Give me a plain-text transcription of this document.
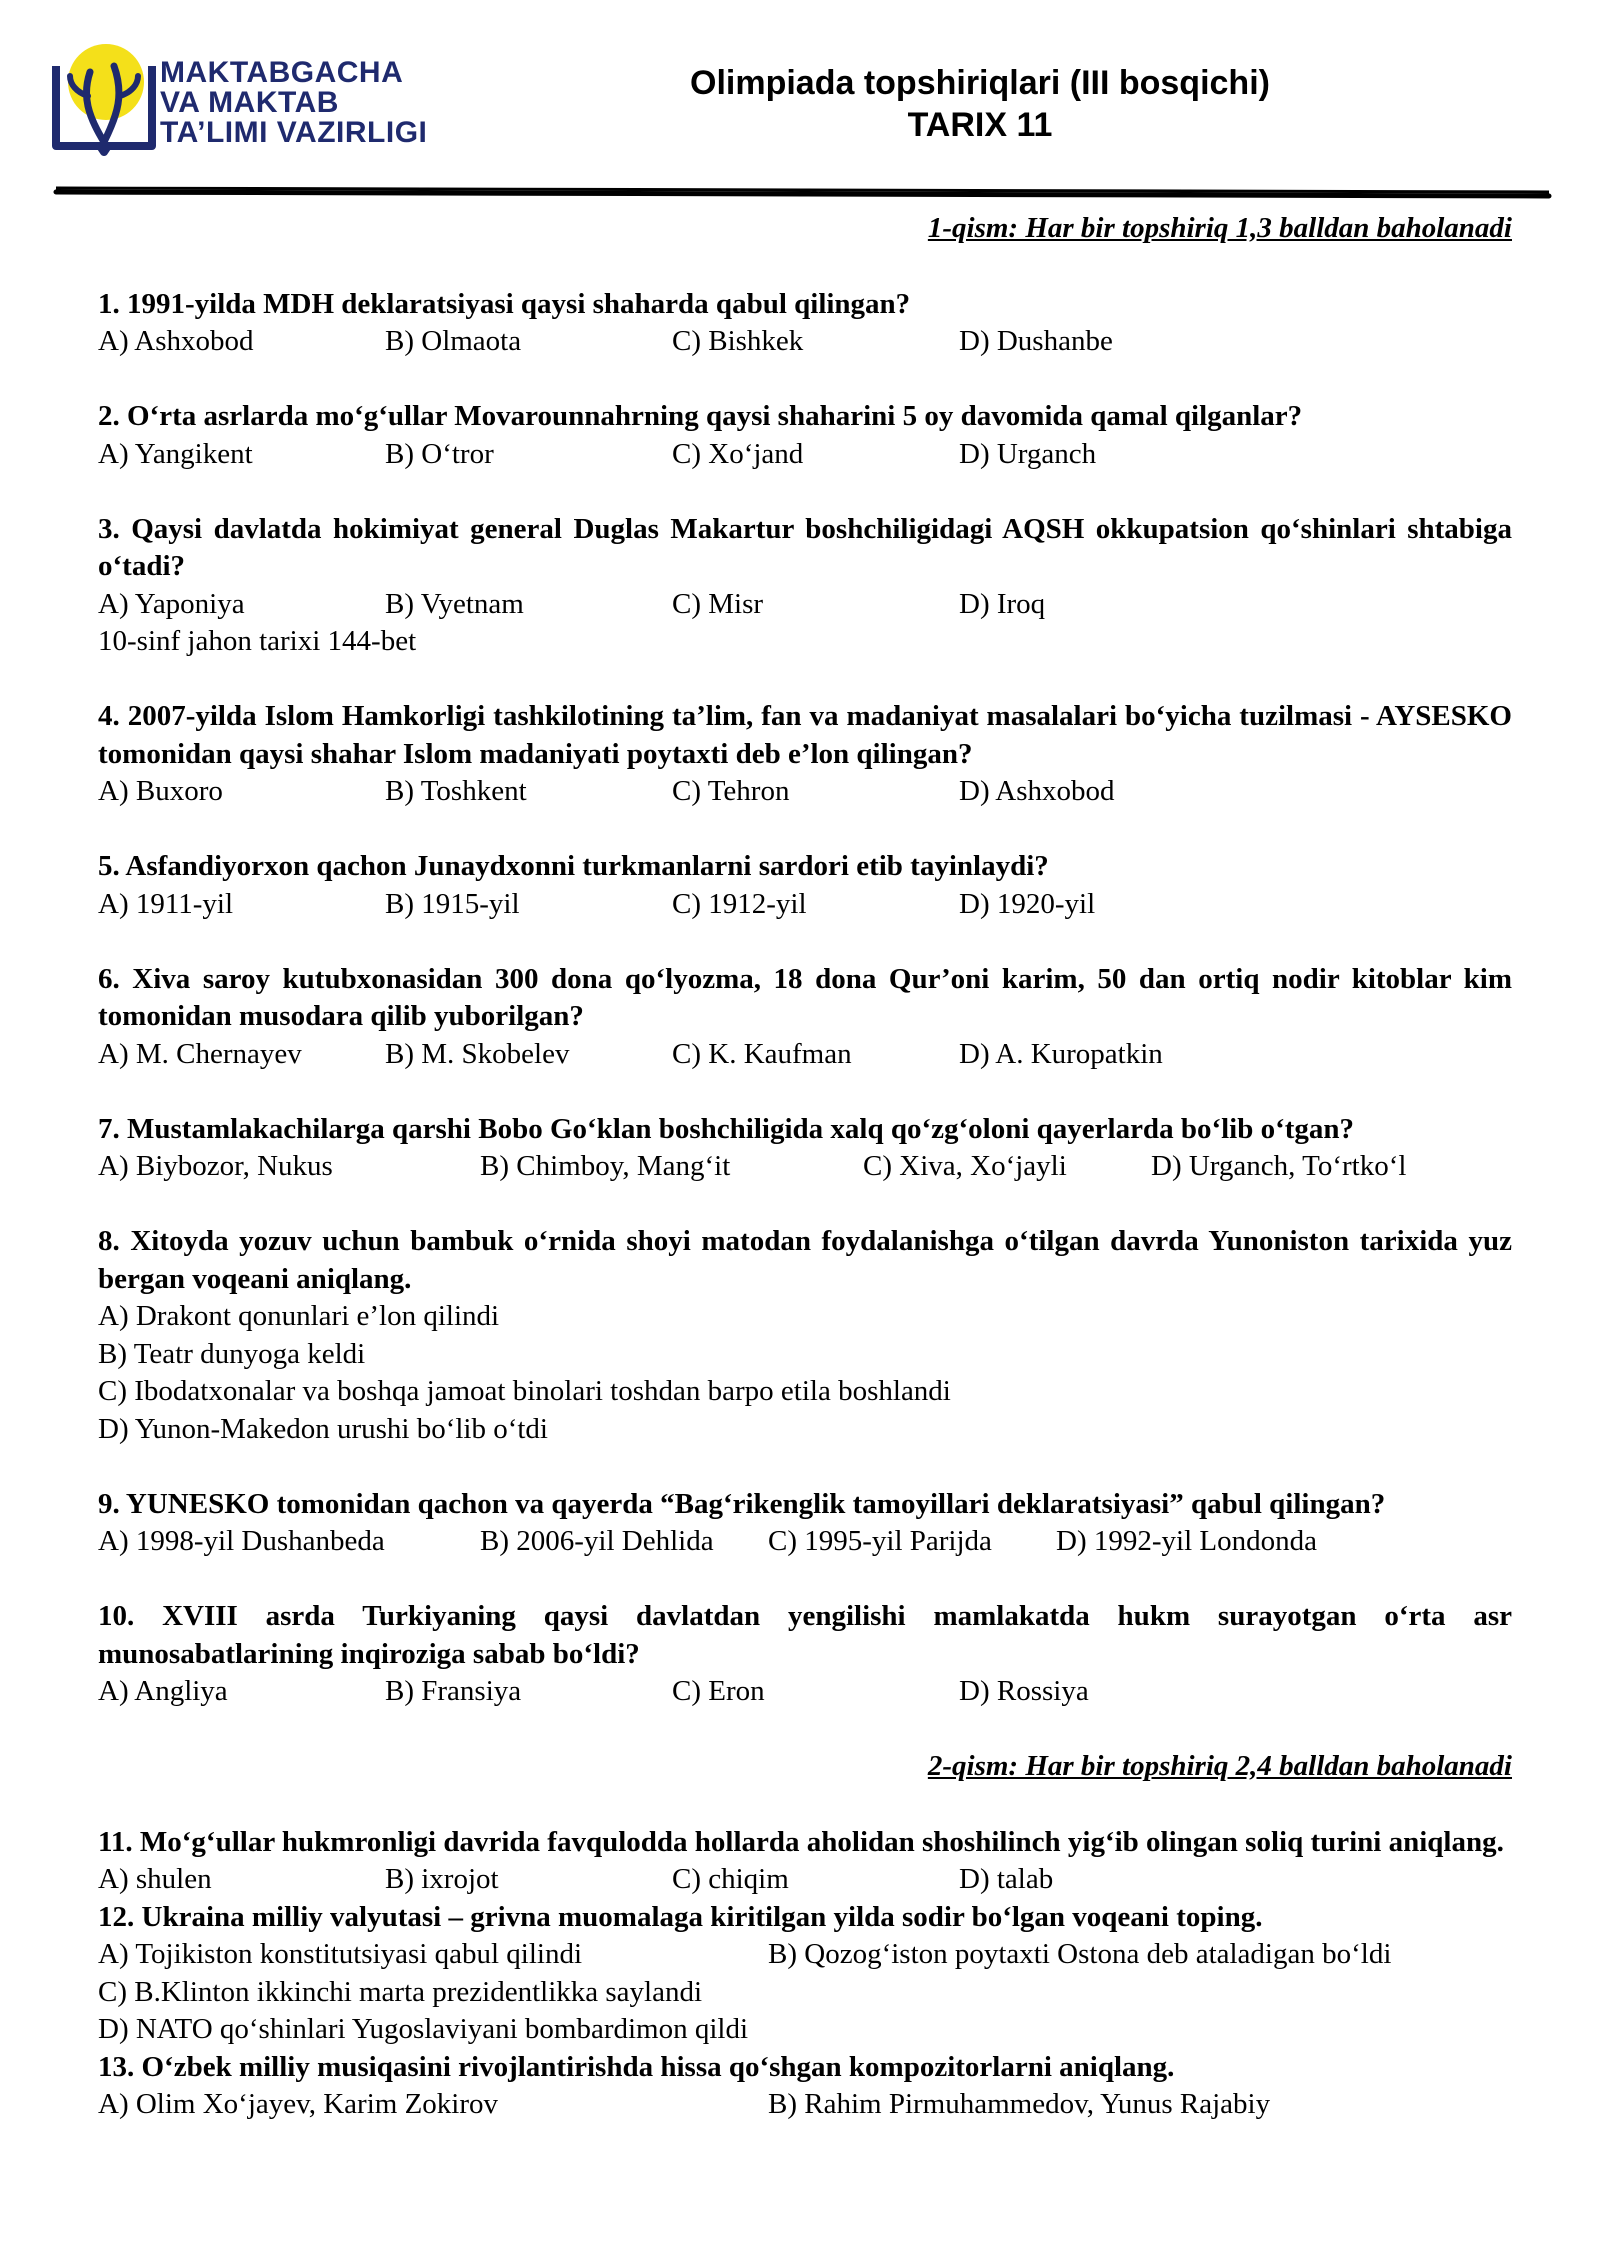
MAKTABGACHA
VA MAKTAB
TA’LIMI VAZIRLIGI
Olimpiada topshiriqlari (III bosqichi)
TARIX 11
1-qism: Har bir topshiriq 1,3 balldan baholanadi
1. 1991-yilda MDH deklaratsiyasi qaysi shaharda qabul qilingan?
A) Ashxobod	B) Olmaota	C) Bishkek	D) Dushanbe
2. O‘rta asrlarda mo‘g‘ullar Movarounnahrning qaysi shaharini 5 oy davomida qamal qilganlar?
A) Yangikent	B) O‘tror	C) Xo‘jand	D) Urganch
3. Qaysi davlatda hokimiyat general Duglas Makartur boshchiligidagi AQSH okkupatsion qo‘shinlari shtabiga o‘tadi?
A) Yaponiya	B) Vyetnam	C) Misr	D) Iroq
10-sinf jahon tarixi 144-bet
4. 2007-yilda Islom Hamkorligi tashkilotining ta’lim, fan va madaniyat masalalari bo‘yicha tuzilmasi - AYSESKO tomonidan qaysi shahar Islom madaniyati poytaxti deb e’lon qilingan?
A) Buxoro	B) Toshkent	C) Tehron	D) Ashxobod
5. Asfandiyorxon qachon Junaydxonni turkmanlarni sardori etib tayinlaydi?
A) 1911-yil	B) 1915-yil	C) 1912-yil	D) 1920-yil
6. Xiva saroy kutubxonasidan 300 dona qo‘lyozma, 18 dona Qur’oni karim, 50 dan ortiq nodir kitoblar kim tomonidan musodara qilib yuborilgan?
A) M. Chernayev	B) M. Skobelev	C) K. Kaufman	D) A. Kuropatkin
7. Mustamlakachilarga qarshi Bobo Go‘klan boshchiligida xalq qo‘zg‘oloni qayerlarda bo‘lib o‘tgan?
A) Biybozor, Nukus	B) Chimboy, Mang‘it	C) Xiva, Xo‘jayli	D) Urganch, To‘rtko‘l
8. Xitoyda yozuv uchun bambuk o‘rnida shoyi matodan foydalanishga o‘tilgan davrda Yunoniston tarixida yuz bergan voqeani aniqlang.
A) Drakont qonunlari e’lon qilindi
B) Teatr dunyoga keldi
C) Ibodatxonalar va boshqa jamoat binolari toshdan barpo etila boshlandi
D) Yunon-Makedon urushi bo‘lib o‘tdi
9. YUNESKO tomonidan qachon va qayerda “Bag‘rikenglik tamoyillari deklaratsiyasi” qabul qilingan?
A) 1998-yil Dushanbeda	B) 2006-yil Dehlida	C) 1995-yil Parijda	D) 1992-yil Londonda
10. XVIII asrda Turkiyaning qaysi davlatdan yengilishi mamlakatda hukm surayotgan o‘rta asr munosabatlarining inqiroziga sabab bo‘ldi?
A) Angliya	B) Fransiya	C) Eron	D) Rossiya
2-qism: Har bir topshiriq 2,4 balldan baholanadi
11. Mo‘g‘ullar hukmronligi davrida favqulodda hollarda aholidan shoshilinch yig‘ib olingan soliq turini aniqlang.
A) shulen	B) ixrojot	C) chiqim	D) talab
12. Ukraina milliy valyutasi – grivna muomalaga kiritilgan yilda sodir bo‘lgan voqeani toping.
A) Tojikiston konstitutsiyasi qabul qilindi	B) Qozog‘iston poytaxti Ostona deb ataladigan bo‘ldi
C) B.Klinton ikkinchi marta prezidentlikka saylandi
D) NATO qo‘shinlari Yugoslaviyani bombardimon qildi
13. O‘zbek milliy musiqasini rivojlantirishda hissa qo‘shgan kompozitorlarni aniqlang.
A) Olim Xo‘jayev, Karim Zokirov	B) Rahim Pirmuhammedov, Yunus Rajabiy
